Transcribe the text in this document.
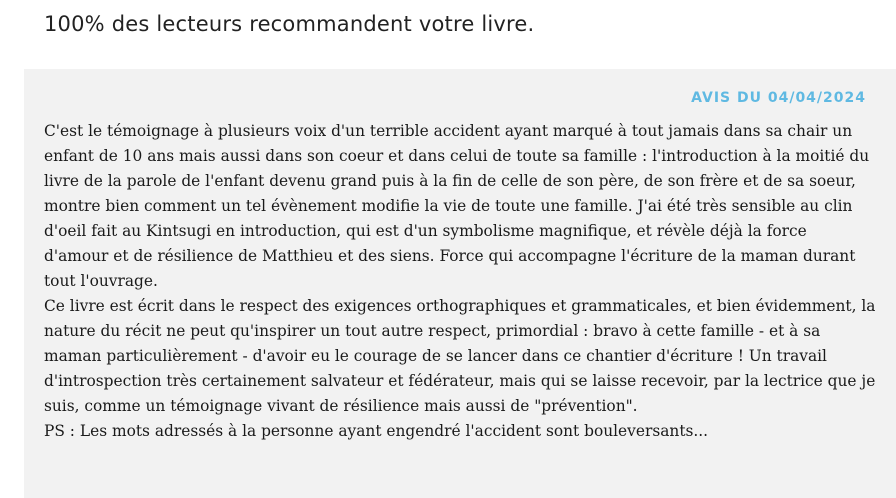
100% des lecteurs recommandent votre livre.
AVIS DU 04/04/2024

C'est le témoignage à plusieurs voix d'un terrible accident ayant marqué à tout jamais dans sa chair un enfant de 10 ans mais aussi dans son coeur et dans celui de toute sa famille : l'introduction à la moitié du livre de la parole de l'enfant devenu grand puis à la fin de celle de son père, de son frère et de sa soeur, montre bien comment un tel évènement modifie la vie de toute une famille. J'ai été très sensible au clin d'oeil fait au Kintsugi en introduction, qui est d'un symbolisme magnifique, et révèle déjà la force d'amour et de résilience de Matthieu et des siens. Force qui accompagne l'écriture de la maman durant tout l'ouvrage.

Ce livre est écrit dans le respect des exigences orthographiques et grammaticales, et bien évidemment, la nature du récit ne peut qu'inspirer un tout autre respect, primordial : bravo à cette famille - et à sa maman particulièrement - d'avoir eu le courage de se lancer dans ce chantier d'écriture ! Un travail d'introspection très certainement salvateur et fédérateur, mais qui se laisse recevoir, par la lectrice que je suis, comme un témoignage vivant de résilience mais aussi de "prévention".

PS : Les mots adressés à la personne ayant engendré l'accident sont bouleversants...
